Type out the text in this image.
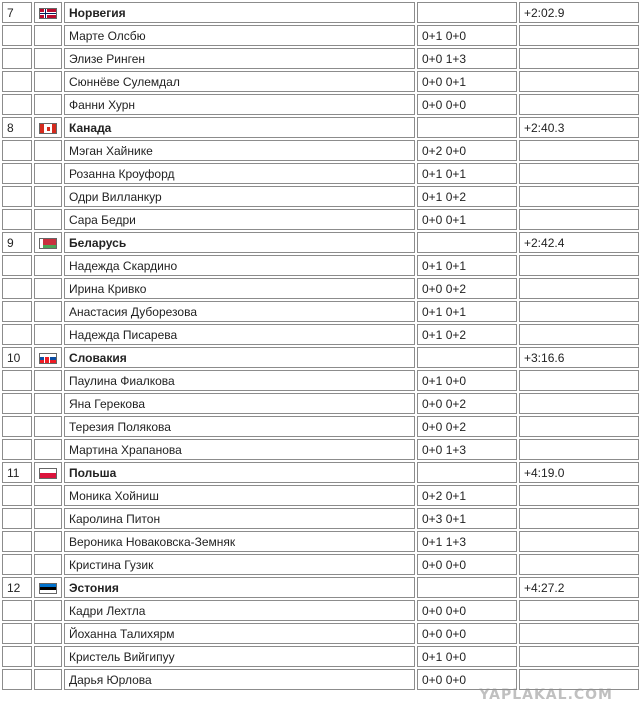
7		Норвегия		+2:02.9
		Марте Олсбю	0+1 0+0	
		Элизе Ринген	0+0 1+3	
		Сюннёве Сулемдал	0+0 0+1	
		Фанни Хурн	0+0 0+0	
8		Канада		+2:40.3
		Мэган Хайнике	0+2 0+0	
		Розанна Кроуфорд	0+1 0+1	
		Одри Вилланкур	0+1 0+2	
		Сара Бедри	0+0 0+1	
9		Беларусь		+2:42.4
		Надежда Скардино	0+1 0+1	
		Ирина Кривко	0+0 0+2	
		Анастасия Дуборезова	0+1 0+1	
		Надежда Писарева	0+1 0+2	
10		Словакия		+3:16.6
		Паулина Фиалкова	0+1 0+0	
		Яна Герекова	0+0 0+2	
		Терезия Полякова	0+0 0+2	
		Мартина Храпанова	0+0 1+3	
11		Польша		+4:19.0
		Моника Хойниш	0+2 0+1	
		Каролина Питон	0+3 0+1	
		Вероника Новаковска-Земняк	0+1 1+3	
		Кристина Гузик	0+0 0+0	
12		Эстония		+4:27.2
		Кадри Лехтла	0+0 0+0	
		Йоханна Талихярм	0+0 0+0	
		Кристель Вийгипуу	0+1 0+0	
		Дарья Юрлова	0+0 0+0	
YAPLAKAL.COM
